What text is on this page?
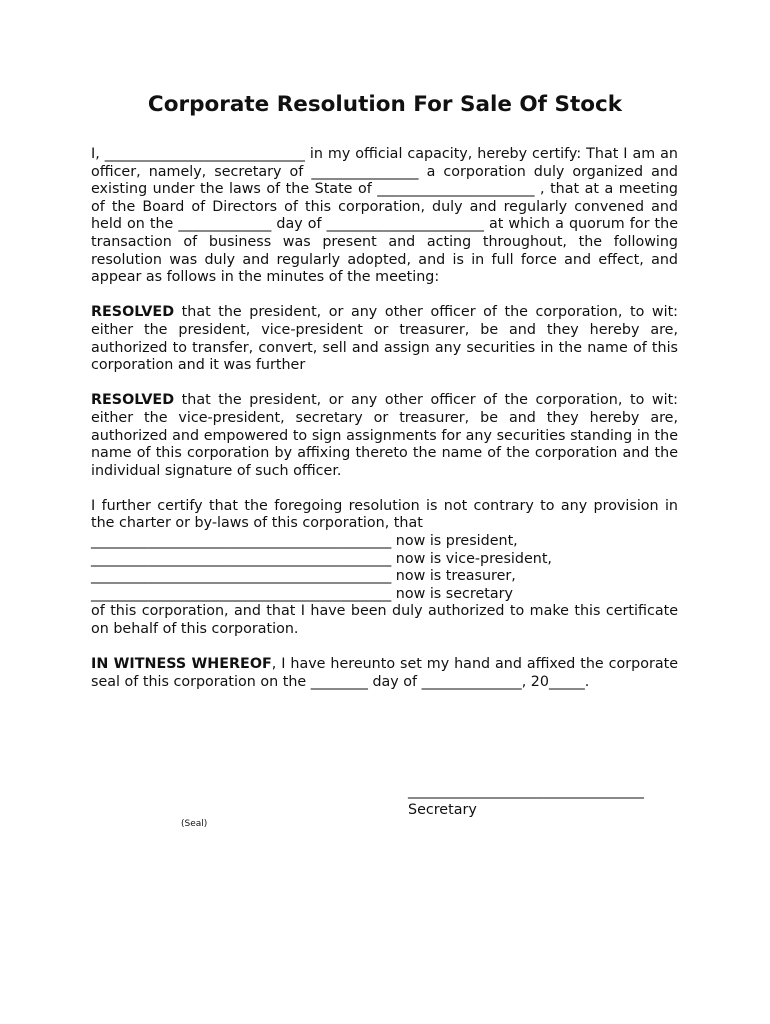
Corporate Resolution For Sale Of Stock

I, ____________________________ in my official capacity, hereby certify: That I am an officer, namely, secretary of _______________ a corporation duly organized and existing under the laws of the State of ______________________ , that at a meeting of the Board of Directors of this corporation, duly and regularly convened and held on the _____________ day of ______________________ at which a quorum for the transaction of business was present and acting throughout, the following resolution was duly and regularly adopted, and is in full force and effect, and appear as follows in the minutes of the meeting:

RESOLVED that the president, or any other officer of the corporation, to wit: either the president, vice-president or treasurer, be and they hereby are, authorized to transfer, convert, sell and assign any securities in the name of this corporation and it was further

RESOLVED that the president, or any other officer of the corporation, to wit: either the vice-president, secretary or treasurer, be and they hereby are, authorized and empowered to sign assignments for any securities standing in the name of this corporation by affixing thereto the name of the corporation and the individual signature of such officer.

I further certify that the foregoing resolution is not contrary to any provision in the charter or by-laws of this corporation, that

__________________________________________ now is president,
__________________________________________ now is vice-president,
__________________________________________ now is treasurer,
__________________________________________ now is secretary

of this corporation, and that I have been duly authorized to make this certificate on behalf of this corporation.

IN WITNESS WHEREOF, I have hereunto set my hand and affixed the corporate seal of this corporation on the ________ day of ______________, 20_____.

_________________________________
Secretary
(Seal)
